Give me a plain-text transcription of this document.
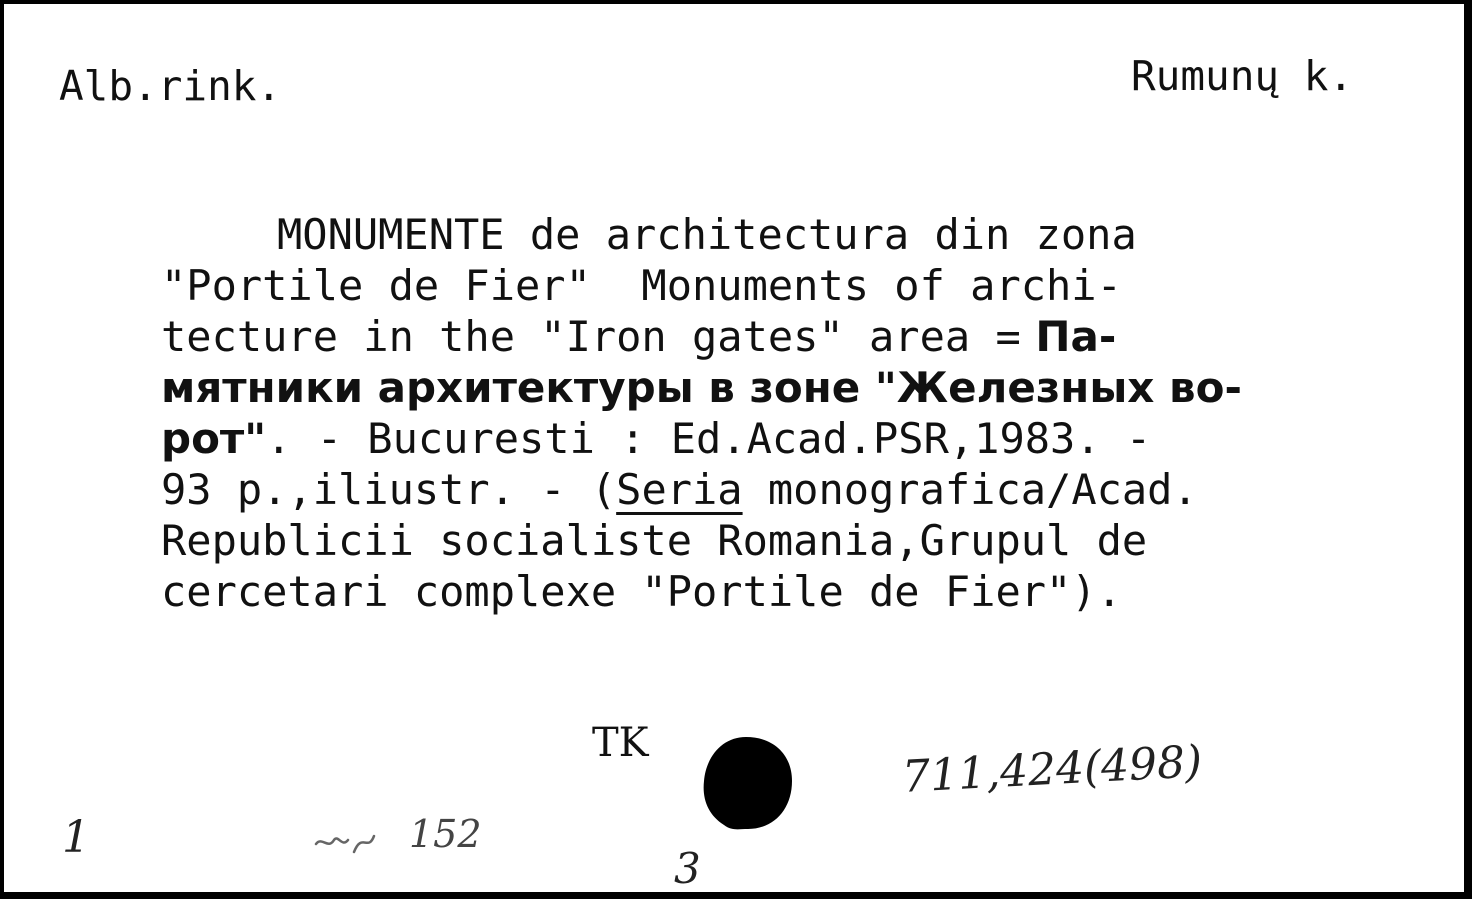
Alb.rink.	Rumunų k.
MONUMENTE de architectura din zona
"Portile de Fier"  Monuments of archi-
tecture in the "Iron gates" area = Па-
мятники архитектуры в зоне "Железных во-
рот". - Bucuresti : Ed.Acad.PSR,1983. -
93 p.,iliustr. - (Seria monografica/Acad.
Republicii socialiste Romania,Grupul de
cercetari complexe "Portile de Fier").
TK	711,424(498)
1	152
3
